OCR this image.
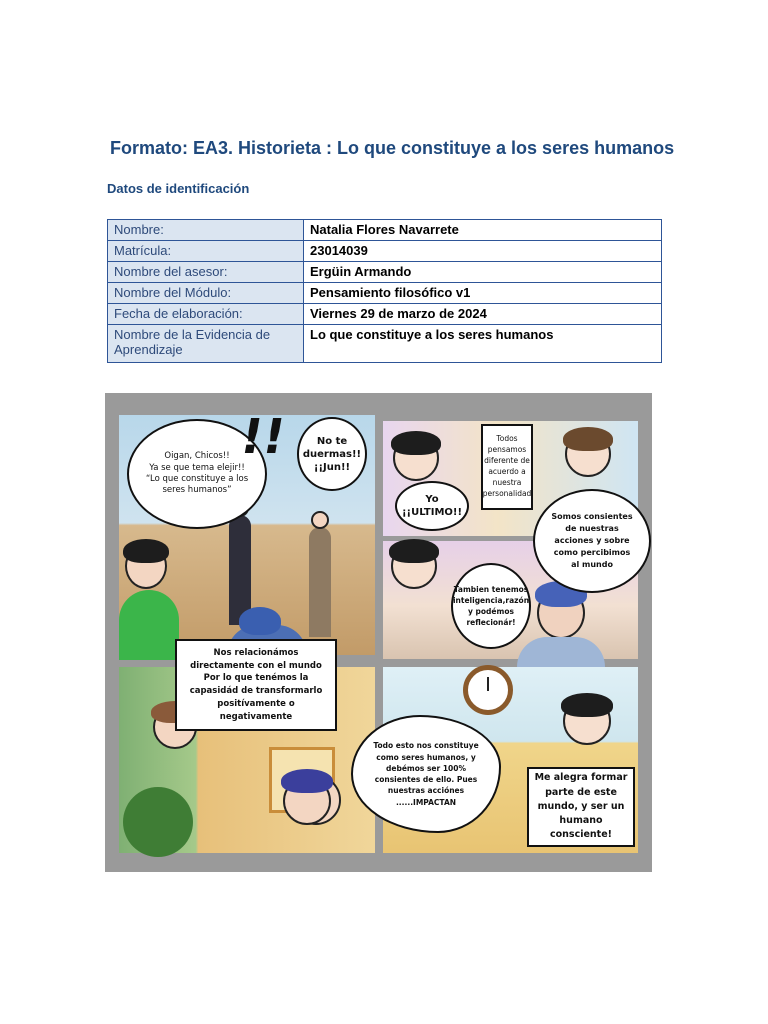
Formato: EA3. Historieta : Lo que constituye a los seres humanos
Datos de identificación
Nombre:	Natalia Flores Navarrete
Matrícula:	23014039
Nombre del asesor:	Ergüin Armando
Nombre del Módulo:	Pensamiento filosófico v1
Fecha de elaboración:	Viernes 29 de marzo de 2024
Nombre de la Evidencia de Aprendizaje	Lo que constituye a los seres humanos
Oigan, Chicos!!
Ya se que tema elejir!!
“Lo que constituye a los seres humanos”
No te duermas!!
¡¡Jun!!
!!
Yo
¡¡ULTIMO!!
Todos pensamos diferente de acuerdo a nuestra personalidad
Somos consientes de nuestras acciones y sobre como percibimos al mundo
Tambien tenemos inteligencia,razón y podémos reflecionár!
Me alegra formar parte de este mundo, y ser un humano consciente!
Nos relacionámos directamente con el mundo Por lo que tenémos la capasidád de transformarlo positívamente o negativamente
Todo esto nos constituye como seres humanos, y debémos ser 100% consientes de ello. Pues nuestras acciónes ......IMPACTAN
